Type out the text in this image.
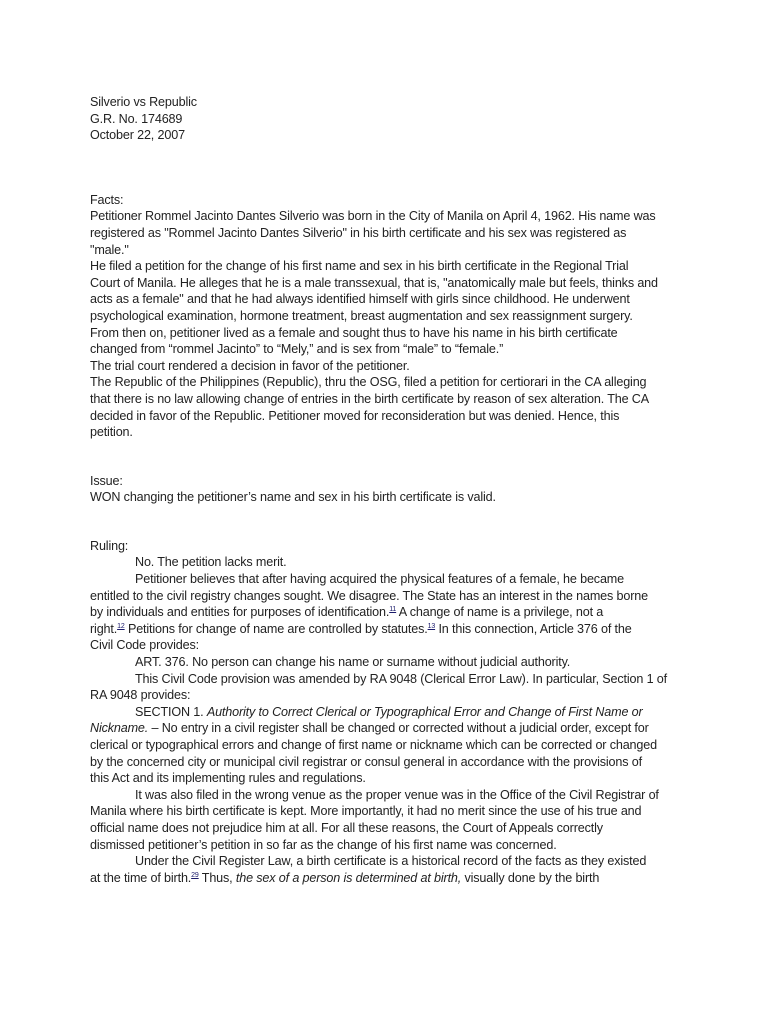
Silverio vs Republic
G.R. No. 174689
October 22, 2007
Facts:
Petitioner Rommel Jacinto Dantes Silverio was born in the City of Manila on April 4, 1962. His name was
registered as "Rommel Jacinto Dantes Silverio" in his birth certificate and his sex was registered as
"male."
He filed a petition for the change of his first name and sex in his birth certificate in the Regional Trial
Court of Manila. He alleges that he is a male transsexual, that is, "anatomically male but feels, thinks and
acts as a female" and that he had always identified himself with girls since childhood. He underwent
psychological examination, hormone treatment, breast augmentation and sex reassignment surgery.
From then on, petitioner lived as a female and sought thus to have his name in his birth certificate
changed from “rommel Jacinto” to “Mely,” and is sex from “male” to “female.”
The trial court rendered a decision in favor of the petitioner.
The Republic of the Philippines (Republic), thru the OSG, filed a petition for certiorari in the CA alleging
that there is no law allowing change of entries in the birth certificate by reason of sex alteration. The CA
decided in favor of the Republic. Petitioner moved for reconsideration but was denied. Hence, this
petition.
Issue:
WON changing the petitioner’s name and sex in his birth certificate is valid.
Ruling:
No. The petition lacks merit.
Petitioner believes that after having acquired the physical features of a female, he became
entitled to the civil registry changes sought. We disagree. The State has an interest in the names borne
by individuals and entities for purposes of identification.$^{11}$ A change of name is a privilege, not a
right.$^{12}$ Petitions for change of name are controlled by statutes.$^{13}$ In this connection, Article 376 of the
Civil Code provides:
ART. 376. No person can change his name or surname without judicial authority.
This Civil Code provision was amended by RA 9048 (Clerical Error Law). In particular, Section 1 of
RA 9048 provides:
SECTION 1. Authority to Correct Clerical or Typographical Error and Change of First Name or
Nickname. – No entry in a civil register shall be changed or corrected without a judicial order, except for
clerical or typographical errors and change of first name or nickname which can be corrected or changed
by the concerned city or municipal civil registrar or consul general in accordance with the provisions of
this Act and its implementing rules and regulations.
It was also filed in the wrong venue as the proper venue was in the Office of the Civil Registrar of
Manila where his birth certificate is kept. More importantly, it had no merit since the use of his true and
official name does not prejudice him at all. For all these reasons, the Court of Appeals correctly
dismissed petitioner’s petition in so far as the change of his first name was concerned.
Under the Civil Register Law, a birth certificate is a historical record of the facts as they existed
at the time of birth.$^{29}$ Thus, the sex of a person is determined at birth, visually done by the birth
